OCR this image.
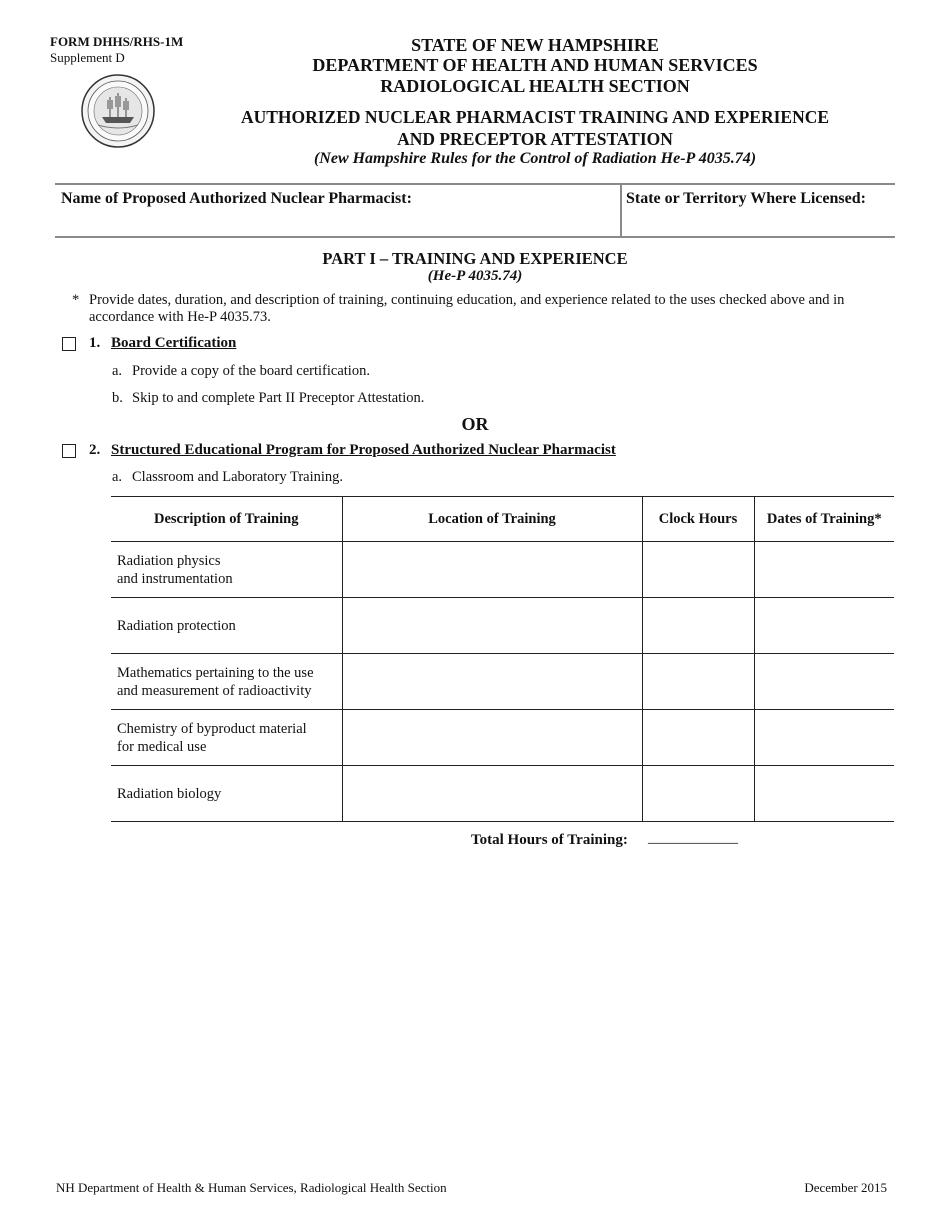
FORM DHHS/RHS-1M
Supplement D
STATE OF NEW HAMPSHIRE
DEPARTMENT OF HEALTH AND HUMAN SERVICES
RADIOLOGICAL HEALTH SECTION
AUTHORIZED NUCLEAR PHARMACIST TRAINING AND EXPERIENCE
AND PRECEPTOR ATTESTATION
(New Hampshire Rules for the Control of Radiation He-P 4035.74)
Name of Proposed Authorized Nuclear Pharmacist:	State or Territory Where Licensed:
PART I – TRAINING AND EXPERIENCE
(He-P 4035.74)
* Provide dates, duration, and description of training, continuing education, and experience related to the uses checked above and in accordance with He-P 4035.73.
1. Board Certification
a. Provide a copy of the board certification.
b. Skip to and complete Part II Preceptor Attestation.
OR
2. Structured Educational Program for Proposed Authorized Nuclear Pharmacist
a. Classroom and Laboratory Training.
Description of Training	Location of Training	Clock Hours	Dates of Training*
Radiation physics
and instrumentation			
Radiation protection			
Mathematics pertaining to the use
and measurement of radioactivity			
Chemistry of byproduct material
for medical use			
Radiation biology			
Total Hours of Training: ____________
NH Department of Health & Human Services, Radiological Health Section	December 2015
